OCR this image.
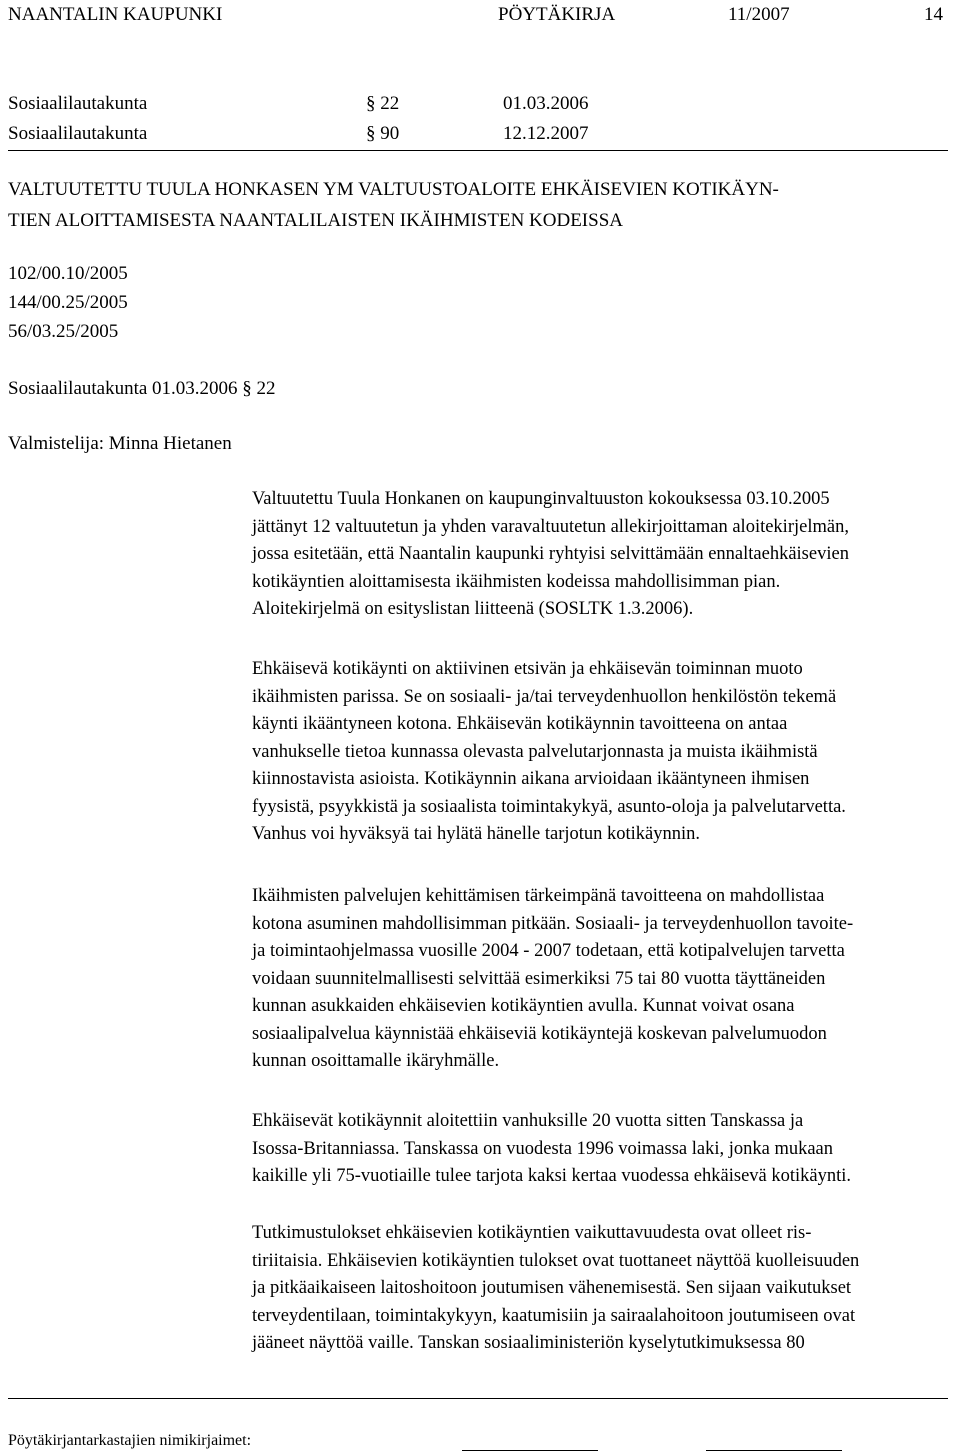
NAANTALIN KAUPUNKI	PÖYTÄKIRJA	11/2007	14
Sosiaalilautakunta	§ 22	01.03.2006
Sosiaalilautakunta	§ 90	12.12.2007
VALTUUTETTU TUULA HONKASEN YM VALTUUSTOALOITE EHKÄISEVIEN KOTIKÄYN-
TIEN ALOITTAMISESTA NAANTALILAISTEN IKÄIHMISTEN KODEISSA
102/00.10/2005
144/00.25/2005
56/03.25/2005
Sosiaalilautakunta 01.03.2006 § 22
Valmistelija: Minna Hietanen

Valtuutettu Tuula Honkanen on kaupunginvaltuuston kokouksessa 03.10.2005

jättänyt 12 valtuutetun ja yhden varavaltuutetun allekirjoittaman aloitekirjelmän,

jossa esitetään, että Naantalin kaupunki ryhtyisi selvittämään ennaltaehkäisevien

kotikäyntien aloittamisesta ikäihmisten kodeissa mahdollisimman pian.

Aloitekirjelmä on esityslistan liitteenä (SOSLTK 1.3.2006).

Ehkäisevä kotikäynti on aktiivinen etsivän ja ehkäisevän toiminnan muoto

ikäihmisten parissa. Se on sosiaali- ja/tai terveydenhuollon henkilöstön tekemä

käynti ikääntyneen kotona. Ehkäisevän kotikäynnin tavoitteena on antaa

vanhukselle tietoa kunnassa olevasta palvelutarjonnasta ja muista ikäihmistä

kiinnostavista asioista. Kotikäynnin aikana arvioidaan ikääntyneen ihmisen

fyysistä, psyykkistä ja sosiaalista toimintakykyä, asunto-oloja ja palvelutarvetta.

Vanhus voi hyväksyä tai hylätä hänelle tarjotun kotikäynnin.

Ikäihmisten palvelujen kehittämisen tärkeimpänä tavoitteena on mahdollistaa

kotona asuminen mahdollisimman pitkään. Sosiaali- ja terveydenhuollon tavoite-

ja toimintaohjelmassa vuosille 2004 - 2007 todetaan, että kotipalvelujen tarvetta

voidaan suunnitelmallisesti selvittää esimerkiksi 75 tai 80 vuotta täyttäneiden

kunnan asukkaiden ehkäisevien kotikäyntien avulla. Kunnat voivat osana

sosiaalipalvelua käynnistää ehkäiseviä kotikäyntejä koskevan palvelumuodon

kunnan osoittamalle ikäryhmälle.

Ehkäisevät kotikäynnit aloitettiin vanhuksille 20 vuotta sitten Tanskassa ja

Isossa-Britanniassa. Tanskassa on vuodesta 1996 voimassa laki, jonka mukaan

kaikille yli 75-vuotiaille tulee tarjota kaksi kertaa vuodessa ehkäisevä kotikäynti.

Tutkimustulokset ehkäisevien kotikäyntien vaikuttavuudesta ovat olleet ris-

tiriitaisia. Ehkäisevien kotikäyntien tulokset ovat tuottaneet näyttöä kuolleisuuden

ja pitkäaikaiseen laitoshoitoon joutumisen vähenemisestä. Sen sijaan vaikutukset

terveydentilaan, toimintakykyyn, kaatumisiin ja sairaalahoitoon joutumiseen ovat

jääneet näyttöä vaille. Tanskan sosiaaliministeriön kyselytutkimuksessa 80

Pöytäkirjantarkastajien nimikirjaimet:
